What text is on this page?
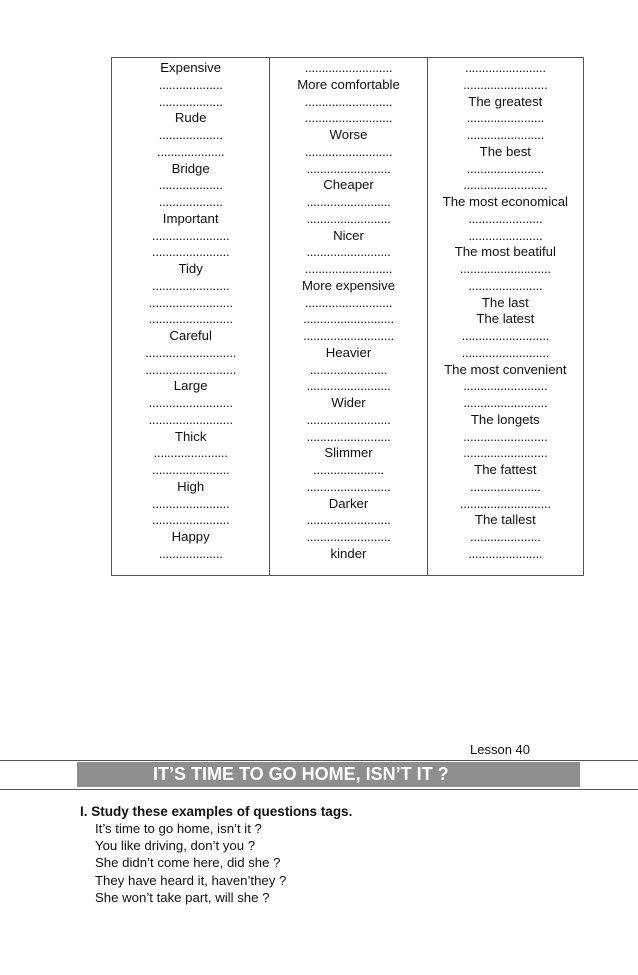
Expensive
...................
...................
Rude
...................
....................
Bridge
...................
...................
Important
.......................
.......................
Tidy
.......................
.........................
.........................
Careful
...........................
...........................
Large
.........................
.........................
Thick
......................
.......................
High
.......................
.......................
Happy
...................
..........................
More comfortable
..........................
..........................
Worse
..........................
.........................
Cheaper
.........................
.........................
Nicer
.........................
..........................
More expensive
..........................
...........................
...........................
Heavier
.......................
.........................
Wider
.........................
.........................
Slimmer
.....................
.........................
Darker
.........................
.........................
kinder
........................
.........................
The greatest
.......................
.......................
The best
.......................
.........................
The most economical
......................
......................
The most beatiful
...........................
......................
The last
The latest
..........................
..........................
The most convenient
.........................
.........................
The longets
.........................
.........................
The fattest
.....................
...........................
The tallest
.....................
......................
Lesson 40
IT’S TIME TO GO HOME, ISN’T IT ?
I. Study these examples of questions tags.
It’s time to go home, isn’t it ?
You like driving, don’t you ?
She didn’t come here, did she ?
They have heard it, haven’they ?
She won’t take part, will she ?
